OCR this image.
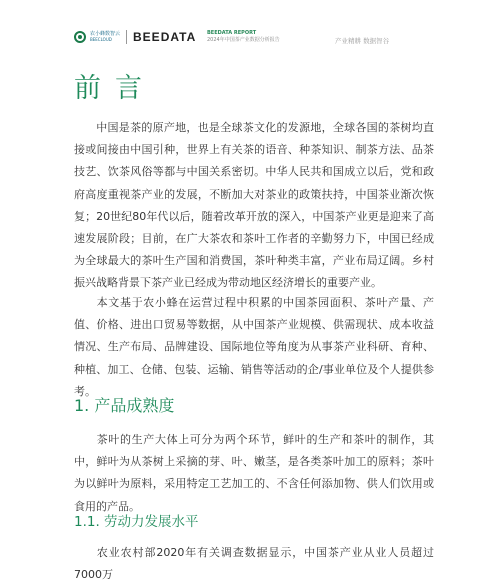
农小蜂数智云
BEECLOUD	BEEDATA BEEDATA REPORT
2024年中国茶产业数据分析报告	产业精耕 数据智谷
前言

中国是茶的原产地，也是全球茶文化的发源地，全球各国的茶树均直接或间接由中国引种，世界上有关茶的语音、种茶知识、制茶方法、品茶技艺、饮茶风俗等都与中国关系密切。中华人民共和国成立以后，党和政府高度重视茶产业的发展，不断加大对茶业的政策扶持，中国茶业渐次恢复；20世纪80年代以后，随着改革开放的深入，中国茶产业更是迎来了高速发展阶段；目前，在广大茶农和茶叶工作者的辛勤努力下，中国已经成为全球最大的茶叶生产国和消费国，茶叶种类丰富，产业布局辽阔。乡村振兴战略背景下茶产业已经成为带动地区经济增长的重要产业。

本文基于农小蜂在运营过程中积累的中国茶园面积、茶叶产量、产值、价格、进出口贸易等数据，从中国茶产业规模、供需现状、成本收益情况、生产布局、品牌建设、国际地位等角度为从事茶产业科研、育种、种植、加工、仓储、包装、运输、销售等活动的企/事业单位及个人提供参考。

1. 产品成熟度

茶叶的生产大体上可分为两个环节，鲜叶的生产和茶叶的制作，其中，鲜叶为从茶树上采摘的芽、叶、嫩茎，是各类茶叶加工的原料；茶叶为以鲜叶为原料，采用特定工艺加工的、不含任何添加物、供人们饮用或食用的产品。

1.1. 劳动力发展水平

农业农村部2020年有关调查数据显示，中国茶产业从业人员超过7000万
